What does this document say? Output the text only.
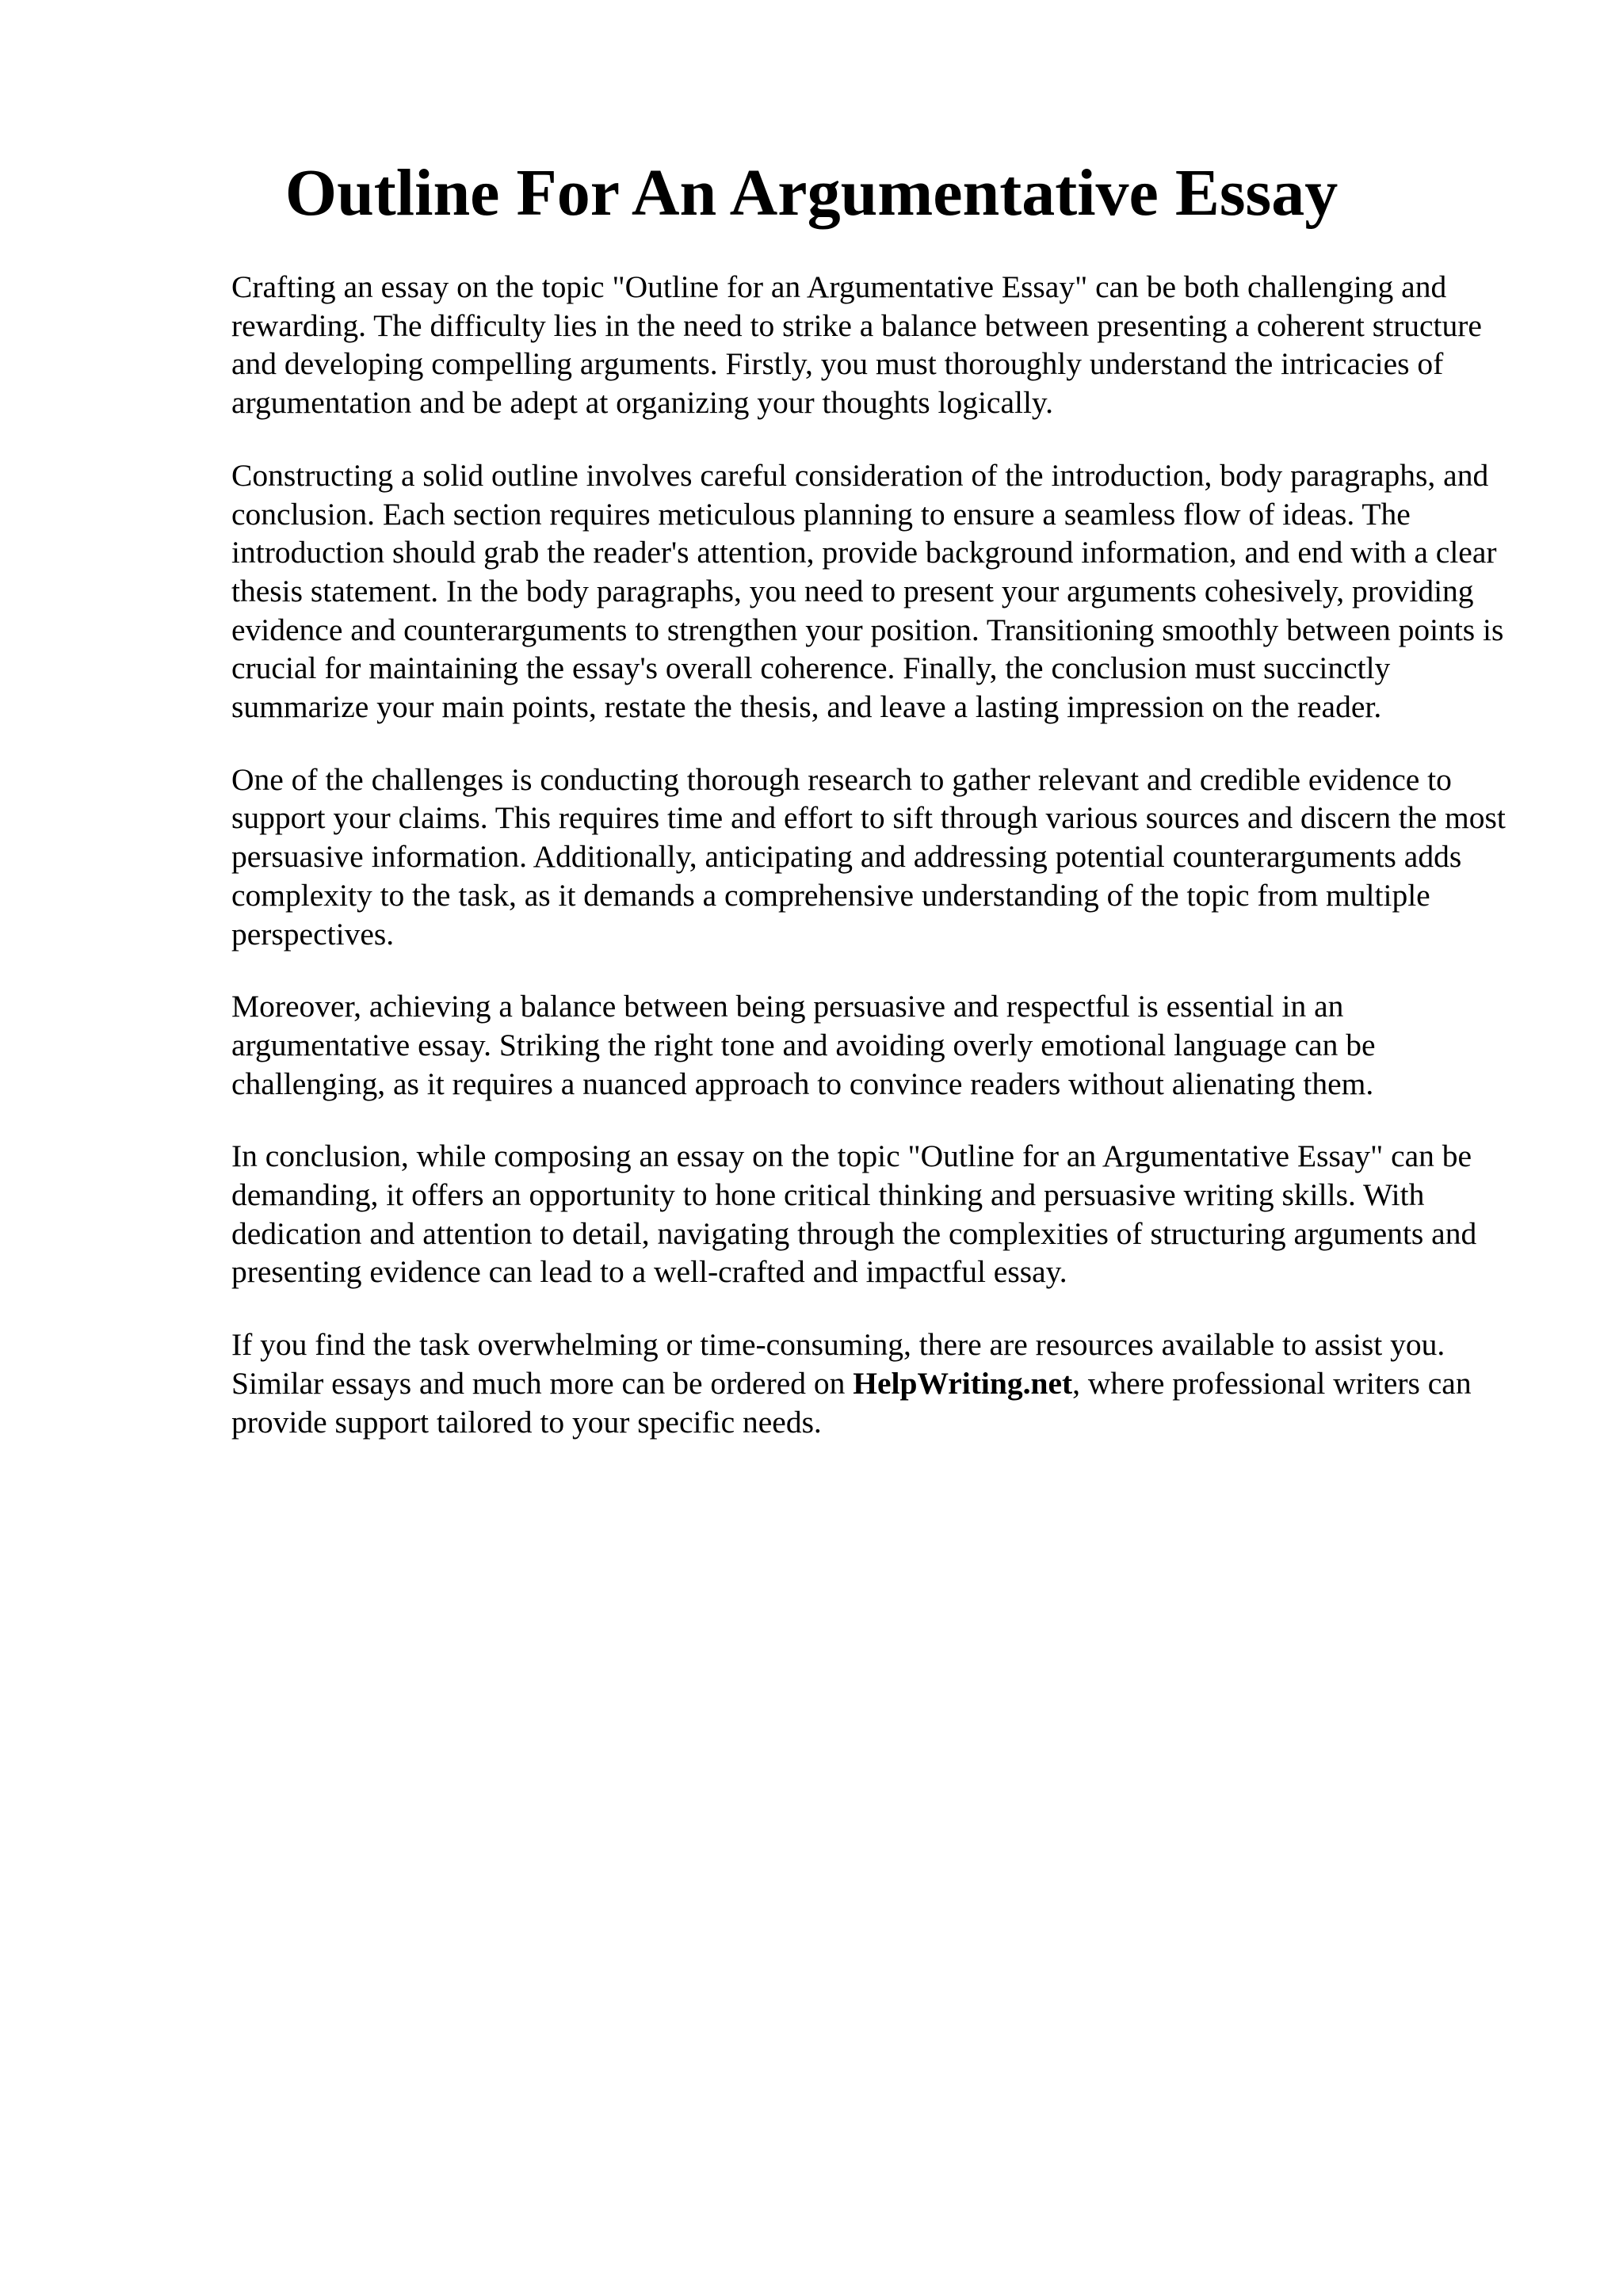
Outline For An Argumentative Essay

Crafting an essay on the topic "Outline for an Argumentative Essay" can be both challenging and rewarding. The difficulty lies in the need to strike a balance between presenting a coherent structure and developing compelling arguments. Firstly, you must thoroughly understand the intricacies of argumentation and be adept at organizing your thoughts logically.

Constructing a solid outline involves careful consideration of the introduction, body paragraphs, and conclusion. Each section requires meticulous planning to ensure a seamless flow of ideas. The introduction should grab the reader's attention, provide background information, and end with a clear thesis statement. In the body paragraphs, you need to present your arguments cohesively, providing evidence and counterarguments to strengthen your position. Transitioning smoothly between points is crucial for maintaining the essay's overall coherence. Finally, the conclusion must succinctly summarize your main points, restate the thesis, and leave a lasting impression on the reader.

One of the challenges is conducting thorough research to gather relevant and credible evidence to support your claims. This requires time and effort to sift through various sources and discern the most persuasive information. Additionally, anticipating and addressing potential counterarguments adds complexity to the task, as it demands a comprehensive understanding of the topic from multiple perspectives.

Moreover, achieving a balance between being persuasive and respectful is essential in an argumentative essay. Striking the right tone and avoiding overly emotional language can be challenging, as it requires a nuanced approach to convince readers without alienating them.

In conclusion, while composing an essay on the topic "Outline for an Argumentative Essay" can be demanding, it offers an opportunity to hone critical thinking and persuasive writing skills. With dedication and attention to detail, navigating through the complexities of structuring arguments and presenting evidence can lead to a well-crafted and impactful essay.

If you find the task overwhelming or time-consuming, there are resources available to assist you. Similar essays and much more can be ordered on HelpWriting.net, where professional writers can provide support tailored to your specific needs.
